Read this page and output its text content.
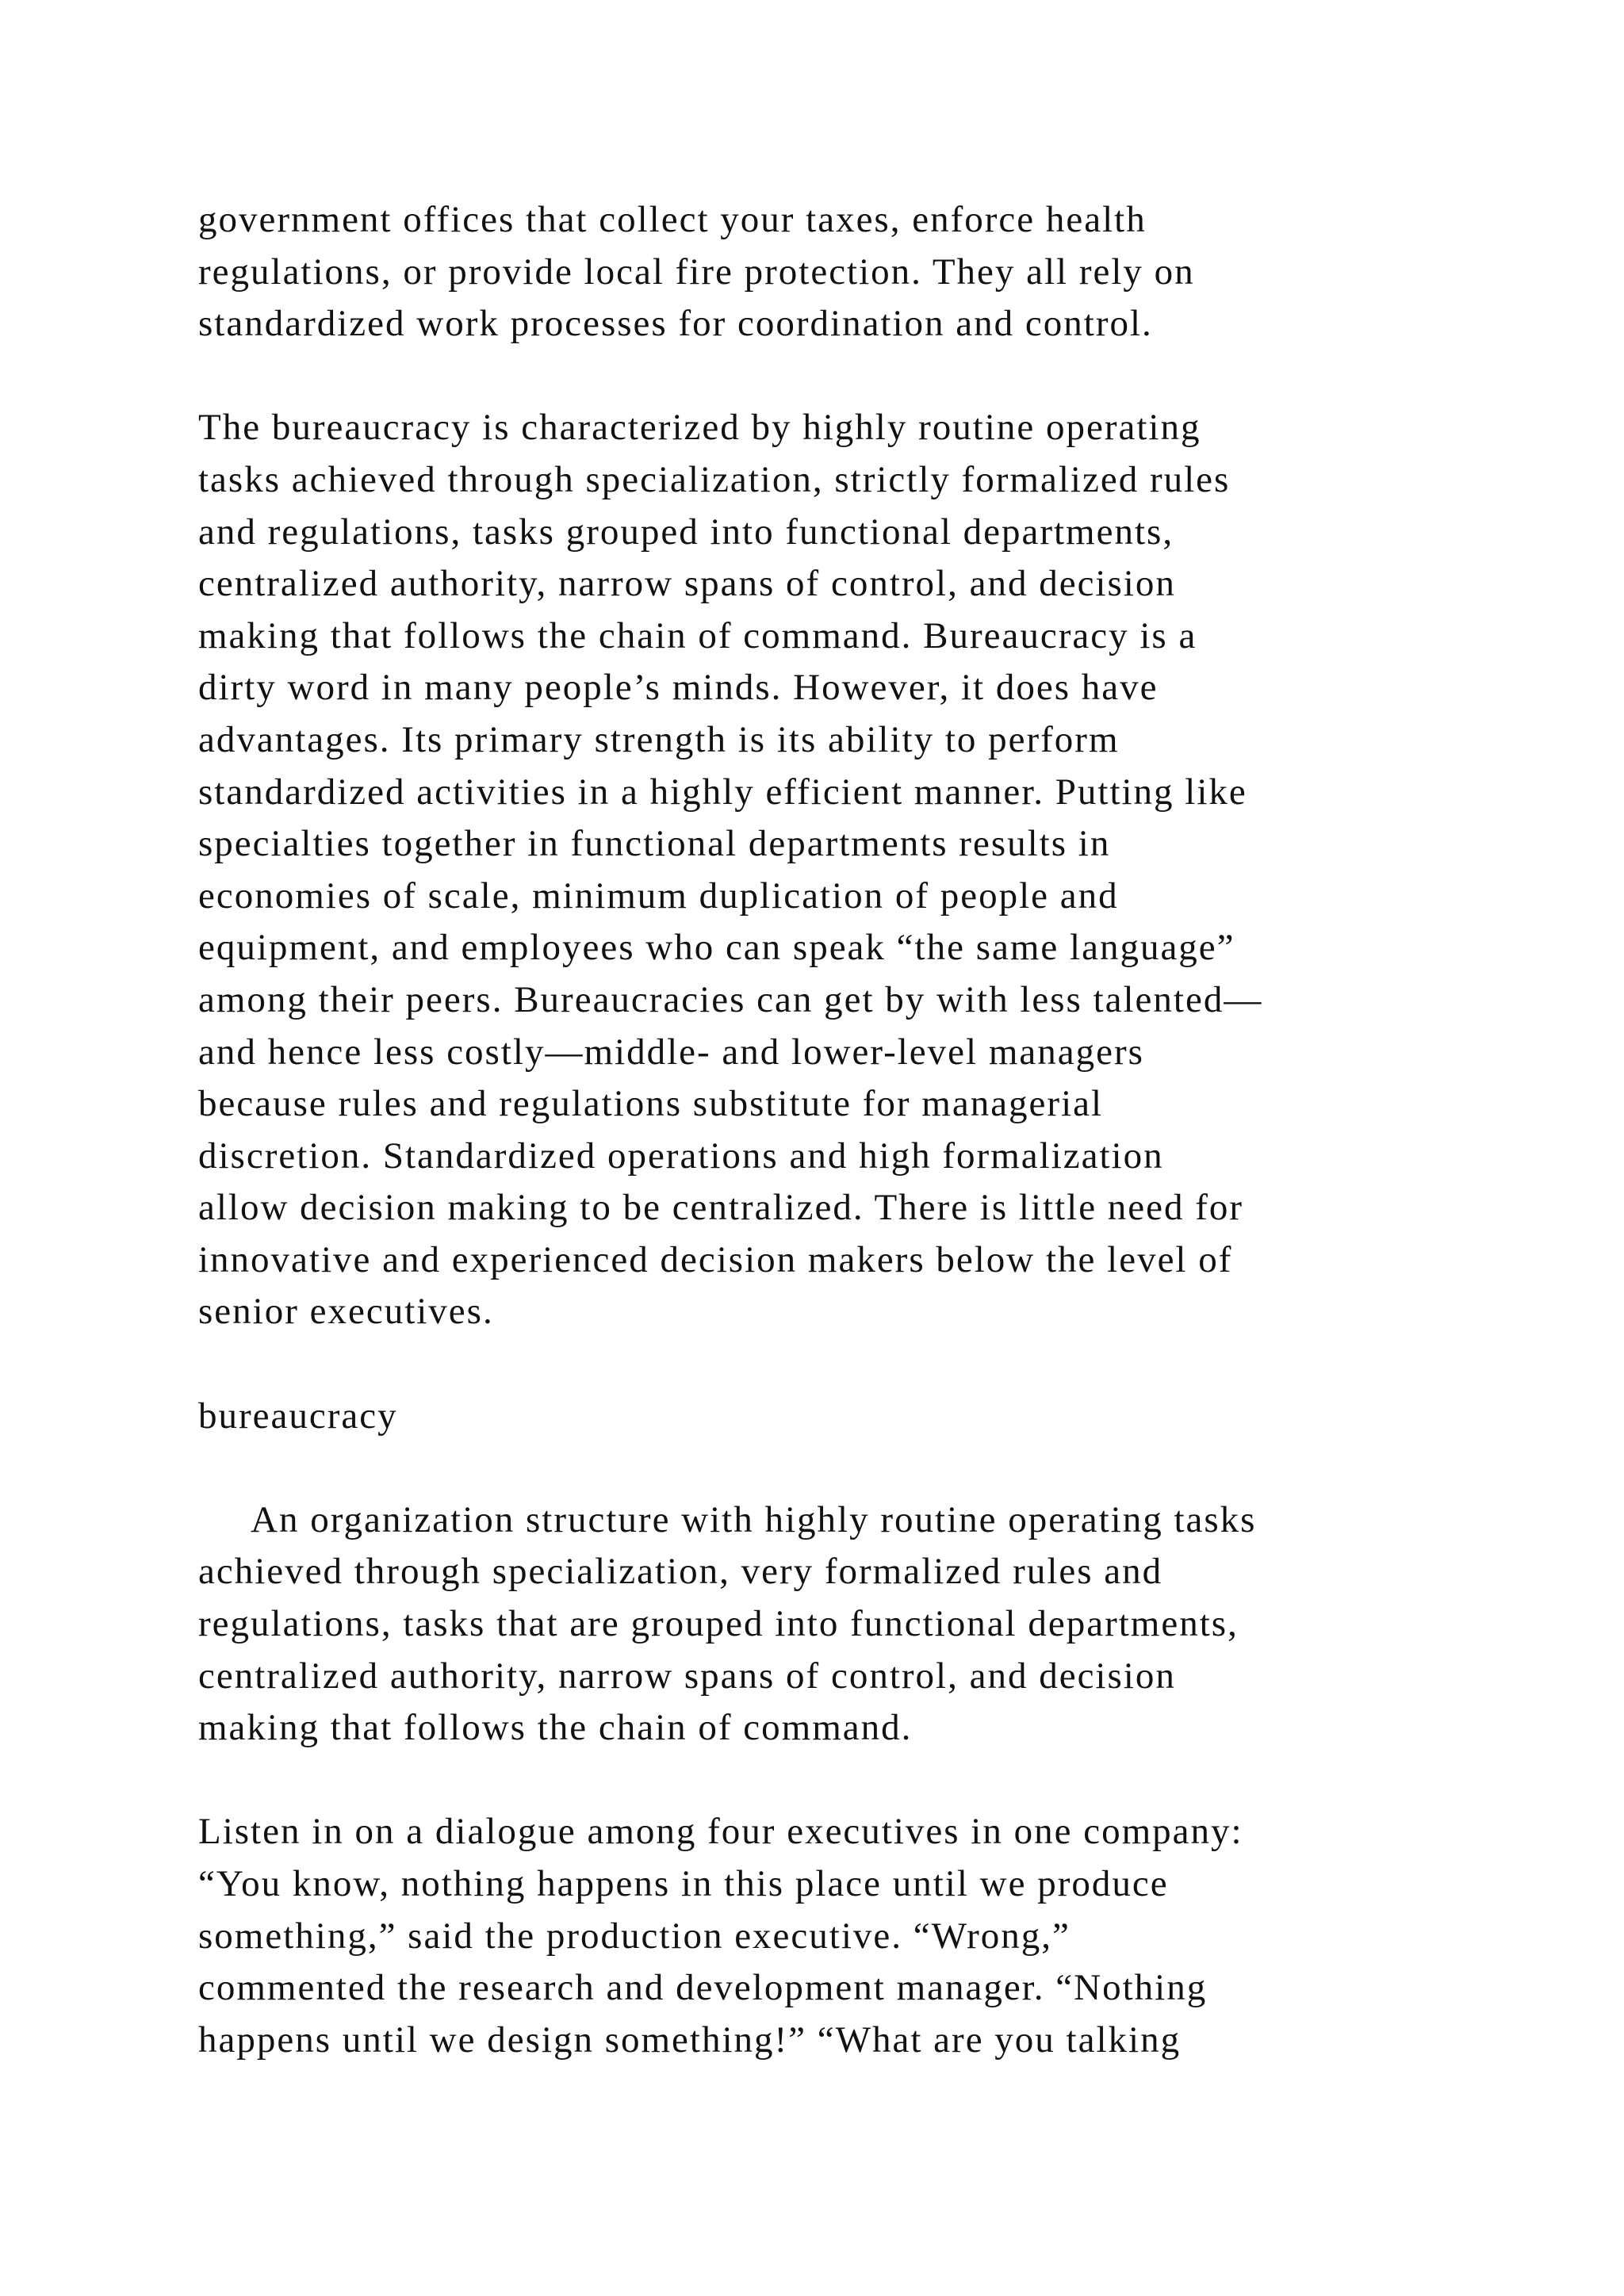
government offices that collect your taxes, enforce health
regulations, or provide local fire protection. They all rely on
standardized work processes for coordination and control.
The bureaucracy is characterized by highly routine operating
tasks achieved through specialization, strictly formalized rules
and regulations, tasks grouped into functional departments,
centralized authority, narrow spans of control, and decision
making that follows the chain of command. Bureaucracy is a
dirty word in many people’s minds. However, it does have
advantages. Its primary strength is its ability to perform
standardized activities in a highly efficient manner. Putting like
specialties together in functional departments results in
economies of scale, minimum duplication of people and
equipment, and employees who can speak “the same language”
among their peers. Bureaucracies can get by with less talented—
and hence less costly—middle- and lower-level managers
because rules and regulations substitute for managerial
discretion. Standardized operations and high formalization
allow decision making to be centralized. There is little need for
innovative and experienced decision makers below the level of
senior executives.
bureaucracy
An organization structure with highly routine operating tasks
achieved through specialization, very formalized rules and
regulations, tasks that are grouped into functional departments,
centralized authority, narrow spans of control, and decision
making that follows the chain of command.
Listen in on a dialogue among four executives in one company:
“You know, nothing happens in this place until we produce
something,” said the production executive. “Wrong,”
commented the research and development manager. “Nothing
happens until we design something!” “What are you talking
